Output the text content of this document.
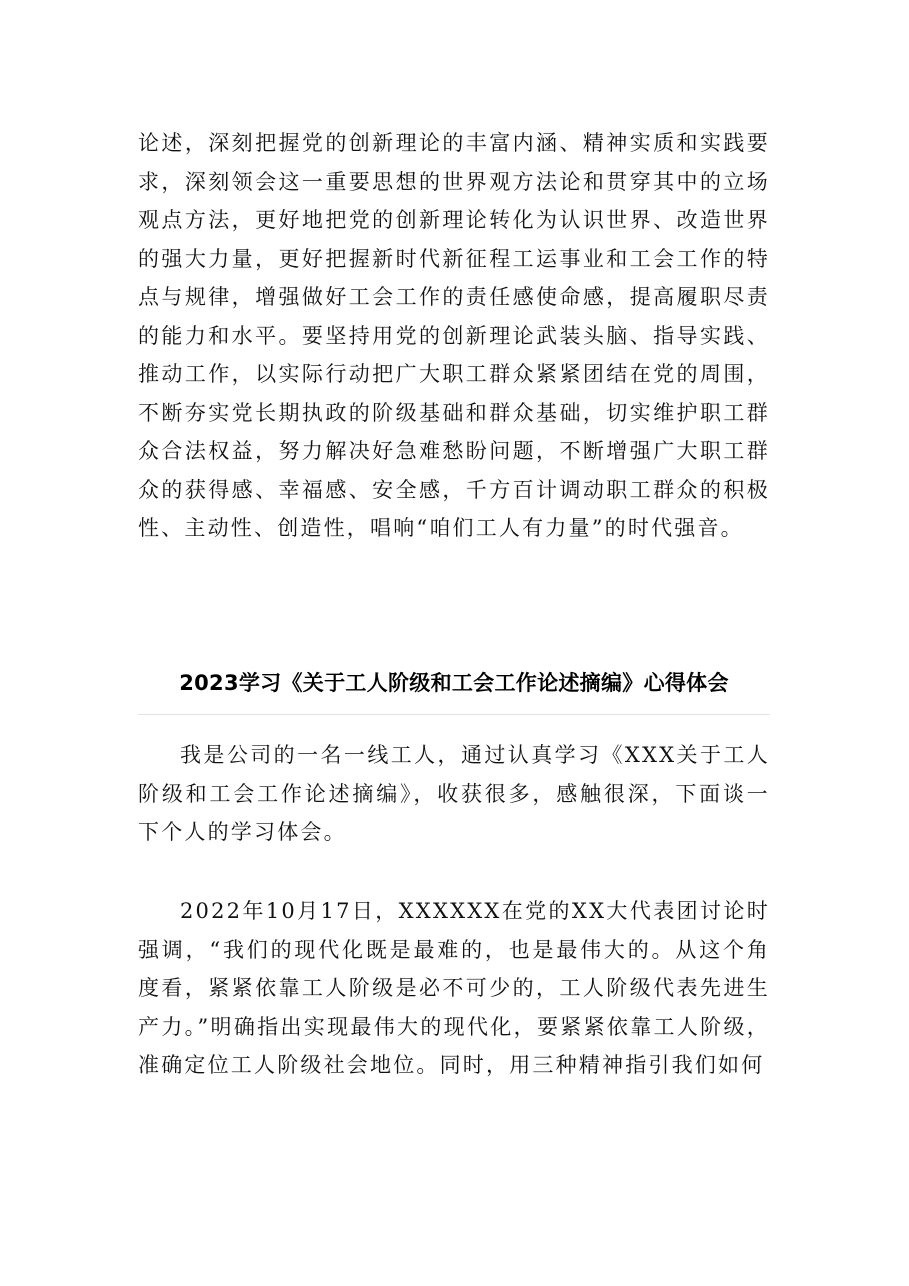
论述，深刻把握党的创新理论的丰富内涵、精神实质和实践要求，深刻领会这一重要思想的世界观方法论和贯穿其中的立场观点方法，更好地把党的创新理论转化为认识世界、改造世界的强大力量，更好把握新时代新征程工运事业和工会工作的特点与规律，增强做好工会工作的责任感使命感，提高履职尽责的能力和水平。要坚持用党的创新理论武装头脑、指导实践、推动工作，以实际行动把广大职工群众紧紧团结在党的周围，不断夯实党长期执政的阶级基础和群众基础，切实维护职工群众合法权益，努力解决好急难愁盼问题，不断增强广大职工群众的获得感、幸福感、安全感，千方百计调动职工群众的积极性、主动性、创造性，唱响“咱们工人有力量”的时代强音。
2023学习《关于工人阶级和工会工作论述摘编》心得体会
我是公司的一名一线工人，通过认真学习《XXX关于工人阶级和工会工作论述摘编》，收获很多，感触很深，下面谈一下个人的学习体会。
2022年10月17日，XXXXXX在党的XX大代表团讨论时强调，“我们的现代化既是最难的，也是最伟大的。从这个角度看，紧紧依靠工人阶级是必不可少的，工人阶级代表先进生产力。”明确指出实现最伟大的现代化，要紧紧依靠工人阶级，准确定位工人阶级社会地位。同时，用三种精神指引我们如何
